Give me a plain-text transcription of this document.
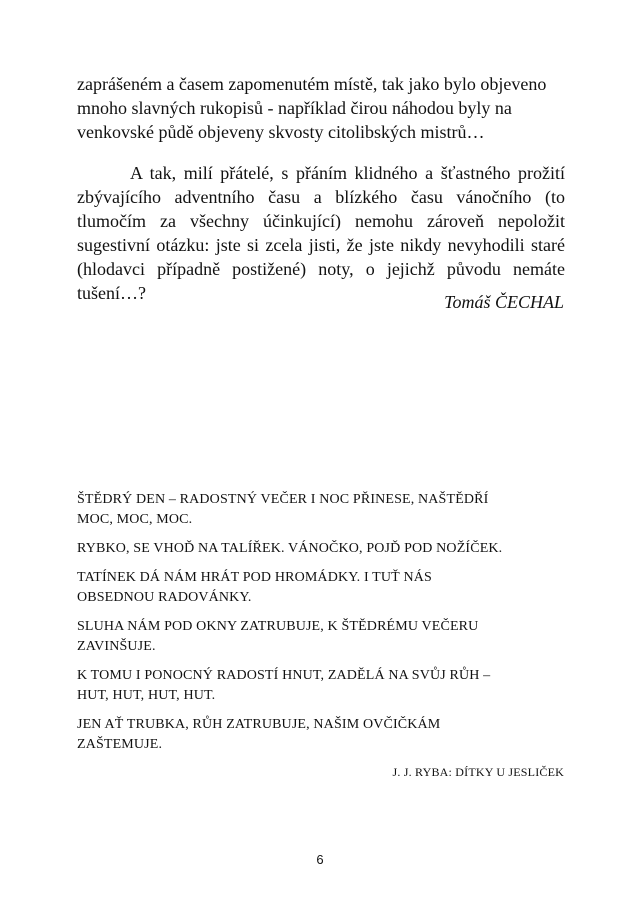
zaprášeném a časem zapomenutém místě, tak jako bylo objeveno
mnoho slavných rukopisů - například čirou náhodou byly na
venkovské půdě objeveny skvosty citolibských mistrů…
A tak, milí přátelé, s přáním klidného a šťastného prožití
zbývajícího adventního času a blízkého času vánočního (to
tlumočím za všechny účinkující) nemohu zároveň nepoložit
sugestivní otázku: jste si zcela jisti, že jste nikdy nevyhodili staré
(hlodavci případně postižené) noty, o jejichž původu nemáte
tušení…?	Tomáš ČECHAL
ŠTĚDRÝ DEN – RADOSTNÝ VEČER I NOC PŘINESE, NAŠTĚDŘÍ
MOC, MOC, MOC.
RYBKO, SE VHOĎ NA TALÍŘEK. VÁNOČKO, POJĎ POD NOŽÍČEK.
TATÍNEK DÁ NÁM HRÁT POD HROMÁDKY. I TUŤ NÁS
OBSEDNOU RADOVÁNKY.
SLUHA NÁM POD OKNY ZATRUBUJE, K ŠTĚDRÉMU VEČERU
ZAVINŠUJE.
K TOMU I PONOCNÝ RADOSTÍ HNUT, ZADĚLÁ NA SVŮJ RŮH –
HUT, HUT, HUT, HUT.
JEN AŤ TRUBKA, RŮH ZATRUBUJE, NAŠIM OVČIČKÁM
ZAŠTEMUJE.
J. J. RYBA: DÍTKY U JESLIČEK
6
